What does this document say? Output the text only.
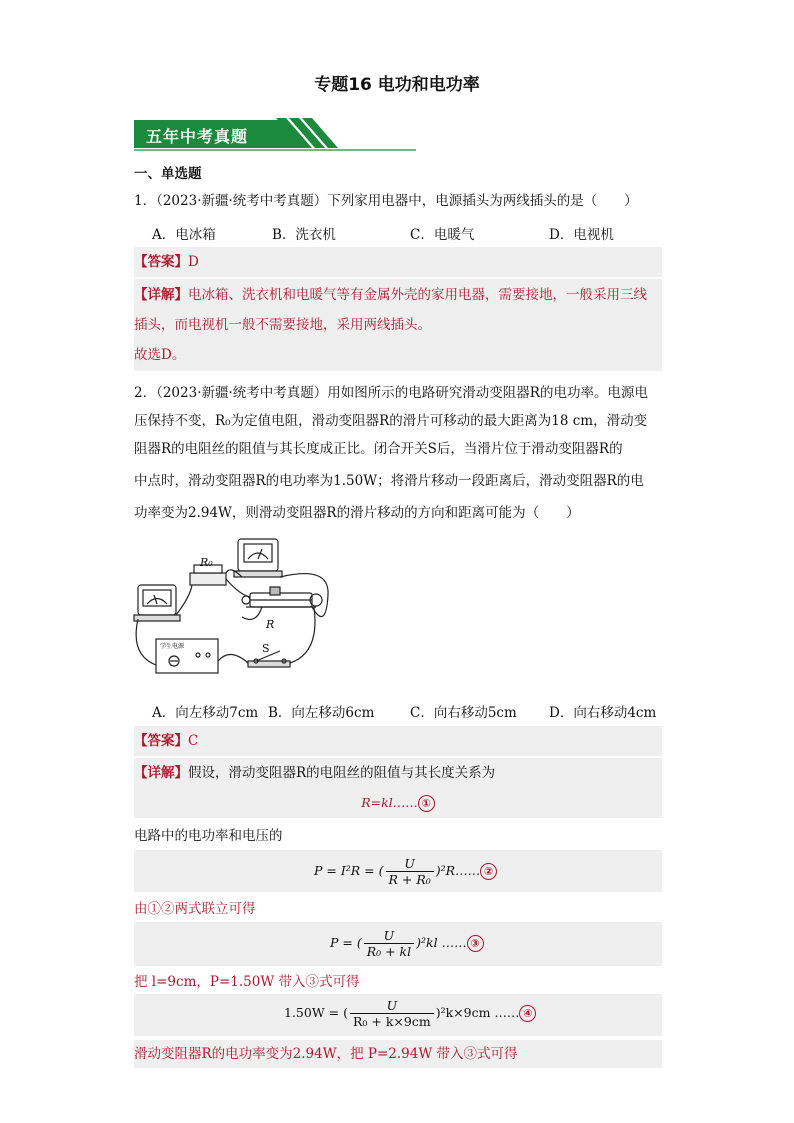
专题16 电功和电功率
五年中考真题
一、单选题
1．（2023·新疆·统考中考真题）下列家用电器中，电源插头为两线插头的是（　　）
A．电冰箱	B．洗衣机	C．电暖气	D．电视机
【答案】D
【详解】电冰箱、洗衣机和电暖气等有金属外壳的家用电器，需要接地，一般采用三线
插头，而电视机一般不需要接地，采用两线插头。
故选D。
2．（2023·新疆·统考中考真题）用如图所示的电路研究滑动变阻器R的电功率。电源电
压保持不变，R₀为定值电阻，滑动变阻器R的滑片可移动的最大距离为18 cm，滑动变
阻器R的电阻丝的阻值与其长度成正比。闭合开关S后，当滑片位于滑动变阻器R的
中点时，滑动变阻器R的电功率为1.50W；将滑片移动一段距离后，滑动变阻器R的电
功率变为2.94W，则滑动变阻器R的滑片移动的方向和距离可能为（　　）
R₀
R
S
学生电源
A．向左移动7cm B．向左移动6cm	C．向右移动5cm D．向右移动4cm
【答案】C
【详解】假设，滑动变阻器R的电阻丝的阻值与其长度关系为
R=kl…… ①
电路中的电功率和电压的
P = I²R = ( $\frac{U}{\text{R + R₀}}$ )²R…… ②
由①②两式联立可得
P = ( $\frac{U}{\text{R₀ + kl}} )^2kl$ …… ③
把 l=9cm，P=1.50W 带入③式可得
1.50W = ( $\frac{U}{\text{R₀ + k×9cm}} )^2k\times 9cm$ …… ④
滑动变阻器R的电功率变为2.94W，把 P=2.94W 带入③式可得
